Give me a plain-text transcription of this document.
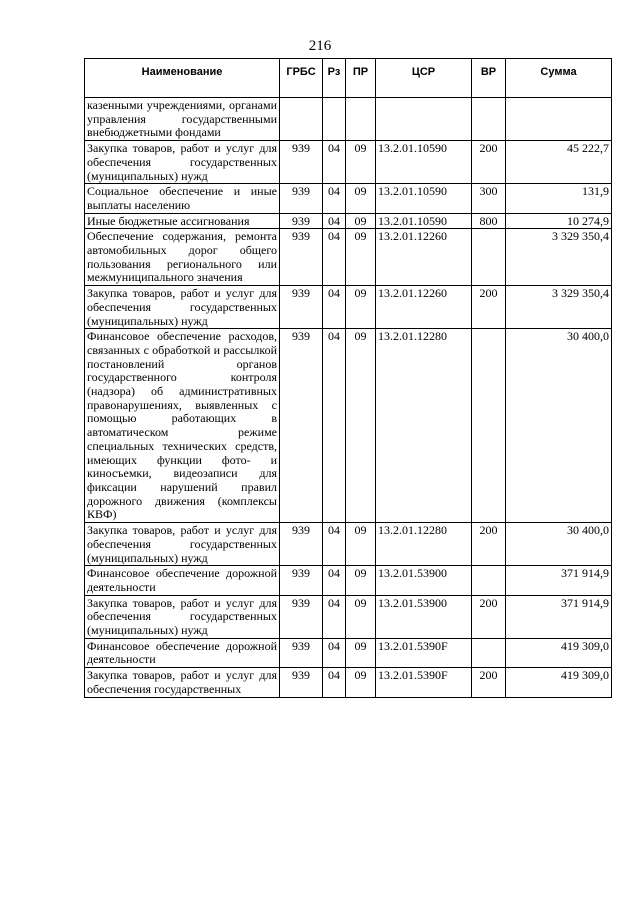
216
Наименование	ГРБС	Рз	ПР	ЦСР	ВР	Сумма
казенными учреждениями, органами управления государственными внебюджетными фондами						
Закупка товаров, работ и услуг для обеспечения государственных (муниципальных) нужд	939	04	09	13.2.01.10590	200	45 222,7
Социальное обеспечение и иные выплаты населению	939	04	09	13.2.01.10590	300	131,9
Иные бюджетные ассигнования	939	04	09	13.2.01.10590	800	10 274,9
Обеспечение содержания, ремонта автомобильных дорог общего пользования регионального или межмуниципального значения	939	04	09	13.2.01.12260		3 329 350,4
Закупка товаров, работ и услуг для обеспечения государственных (муниципальных) нужд	939	04	09	13.2.01.12260	200	3 329 350,4
Финансовое обеспечение расходов, связанных с обработкой и рассылкой постановлений органов государственного контроля (надзора) об административных правонарушениях, выявленных с помощью работающих в автоматическом режиме специальных технических средств, имеющих функции фото- и киносъемки, видеозаписи для фиксации нарушений правил дорожного движения (комплексы КВФ)	939	04	09	13.2.01.12280		30 400,0
Закупка товаров, работ и услуг для обеспечения государственных (муниципальных) нужд	939	04	09	13.2.01.12280	200	30 400,0
Финансовое обеспечение дорожной деятельности	939	04	09	13.2.01.53900		371 914,9
Закупка товаров, работ и услуг для обеспечения государственных (муниципальных) нужд	939	04	09	13.2.01.53900	200	371 914,9
Финансовое обеспечение дорожной деятельности	939	04	09	13.2.01.5390F		419 309,0
Закупка товаров, работ и услуг для обеспечения государственных	939	04	09	13.2.01.5390F	200	419 309,0
